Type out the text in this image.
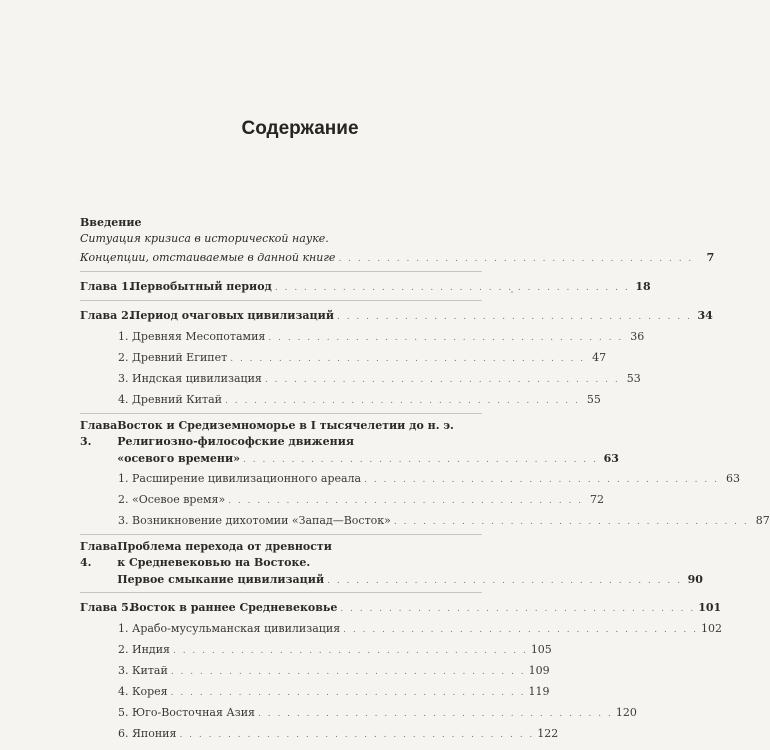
Содержание
Введение
Ситуация кризиса в исторической науке.
Концепции, отстаиваемые в данной книге . . . . . . . . . . . . . . . . . . . . . . . . . . . . . . . . . . . . .	7
Глава 1.Первобытный период . . . . . . . . . . . . . . . . . . . . . . . . . . . . . . . . . . . . . 18
Глава 2.Период очаговых цивилизаций . . . . . . . . . . . . . . . . . . . . . . . . . . . . . . . . . . . . . 34
1. Древняя Месопотамия . . . . . . . . . . . . . . . . . . . . . . . . . . . . . . . . . . . . . 36
2. Древний Египет . . . . . . . . . . . . . . . . . . . . . . . . . . . . . . . . . . . . . 47
3. Индская цивилизация . . . . . . . . . . . . . . . . . . . . . . . . . . . . . . . . . . . . . 53
4. Древний Китай . . . . . . . . . . . . . . . . . . . . . . . . . . . . . . . . . . . . . 55
Глава 3.
Восток и Средиземноморье в I тысячелетии до н. э.
Религиозно-философские движения
«осевого времени» . . . . . . . . . . . . . . . . . . . . . . . . . . . . . . . . . . . . . 63
1. Расширение цивилизационного ареала . . . . . . . . . . . . . . . . . . . . . . . . . . . . . . . . . . . . . 63
2. «Осевое время» . . . . . . . . . . . . . . . . . . . . . . . . . . . . . . . . . . . . . 72
3. Возникновение дихотомии «Запад—Восток» . . . . . . . . . . . . . . . . . . . . . . . . . . . . . . . . . . . . . 87
Глава 4.
Проблема перехода от древности
к Средневековью на Востоке.
Первое смыкание цивилизаций . . . . . . . . . . . . . . . . . . . . . . . . . . . . . . . . . . . . . 90
Глава 5.Восток в раннее Средневековье . . . . . . . . . . . . . . . . . . . . . . . . . . . . . . . . . . . . . 101
1. Арабо-мусульманская цивилизация . . . . . . . . . . . . . . . . . . . . . . . . . . . . . . . . . . . . . 102
2. Индия . . . . . . . . . . . . . . . . . . . . . . . . . . . . . . . . . . . . . 105
3. Китай . . . . . . . . . . . . . . . . . . . . . . . . . . . . . . . . . . . . . 109
4. Корея . . . . . . . . . . . . . . . . . . . . . . . . . . . . . . . . . . . . . 119
5. Юго-Восточная Азия . . . . . . . . . . . . . . . . . . . . . . . . . . . . . . . . . . . . . 120
6. Япония . . . . . . . . . . . . . . . . . . . . . . . . . . . . . . . . . . . . . 122
